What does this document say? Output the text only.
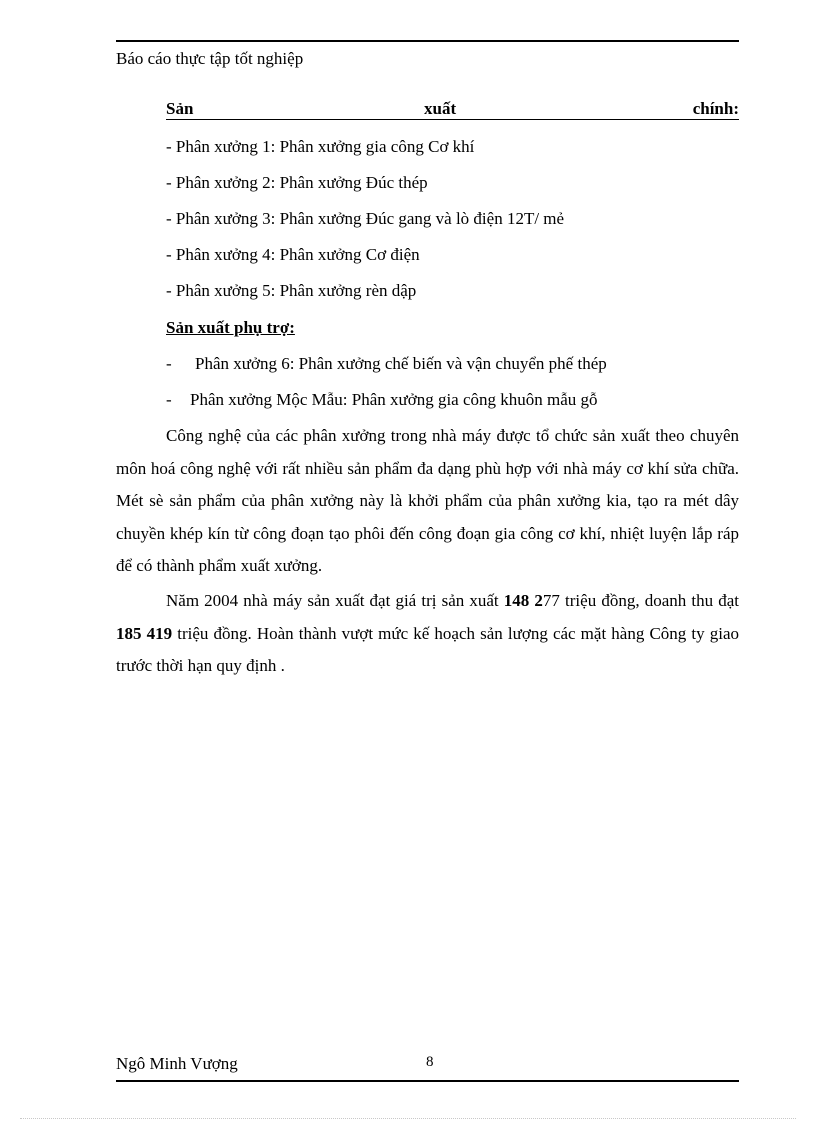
Báo cáo thực tập tốt nghiệp
Sản	xuất	chính:
- Phân xưởng 1: Phân xưởng gia công Cơ khí
- Phân xưởng 2: Phân xưởng Đúc thép
- Phân xưởng 3: Phân xưởng Đúc gang và lò điện 12T/ mẻ
- Phân xưởng 4: Phân xưởng Cơ điện
- Phân xưởng 5: Phân xưởng rèn dập
Sản xuất phụ trợ:
- Phân xưởng 6: Phân xưởng chế biến và vận chuyển phế thép
- Phân xưởng Mộc Mẫu: Phân xưởng gia công khuôn mẫu gỗ
Công nghệ của các phân xưởng trong nhà máy được tổ chức sản xuất theo chuyên môn hoá công nghệ với rất nhiều sản phẩm đa dạng phù hợp với nhà máy cơ khí sửa chữa. Mét sè sản phẩm của phân xưởng này là khởi phẩm của phân xưởng kia, tạo ra mét dây chuyền khép kín từ công đoạn tạo phôi đến công đoạn gia công cơ khí, nhiệt luyện lắp ráp để có thành phẩm xuất xưởng.
Năm 2004 nhà máy sản xuất đạt giá trị sản xuất 148 277 triệu đồng, doanh thu đạt 185 419 triệu đồng. Hoàn thành vượt mức kế hoạch sản lượng các mặt hàng Công ty giao trước thời hạn quy định .
Ngô Minh Vượng	8
